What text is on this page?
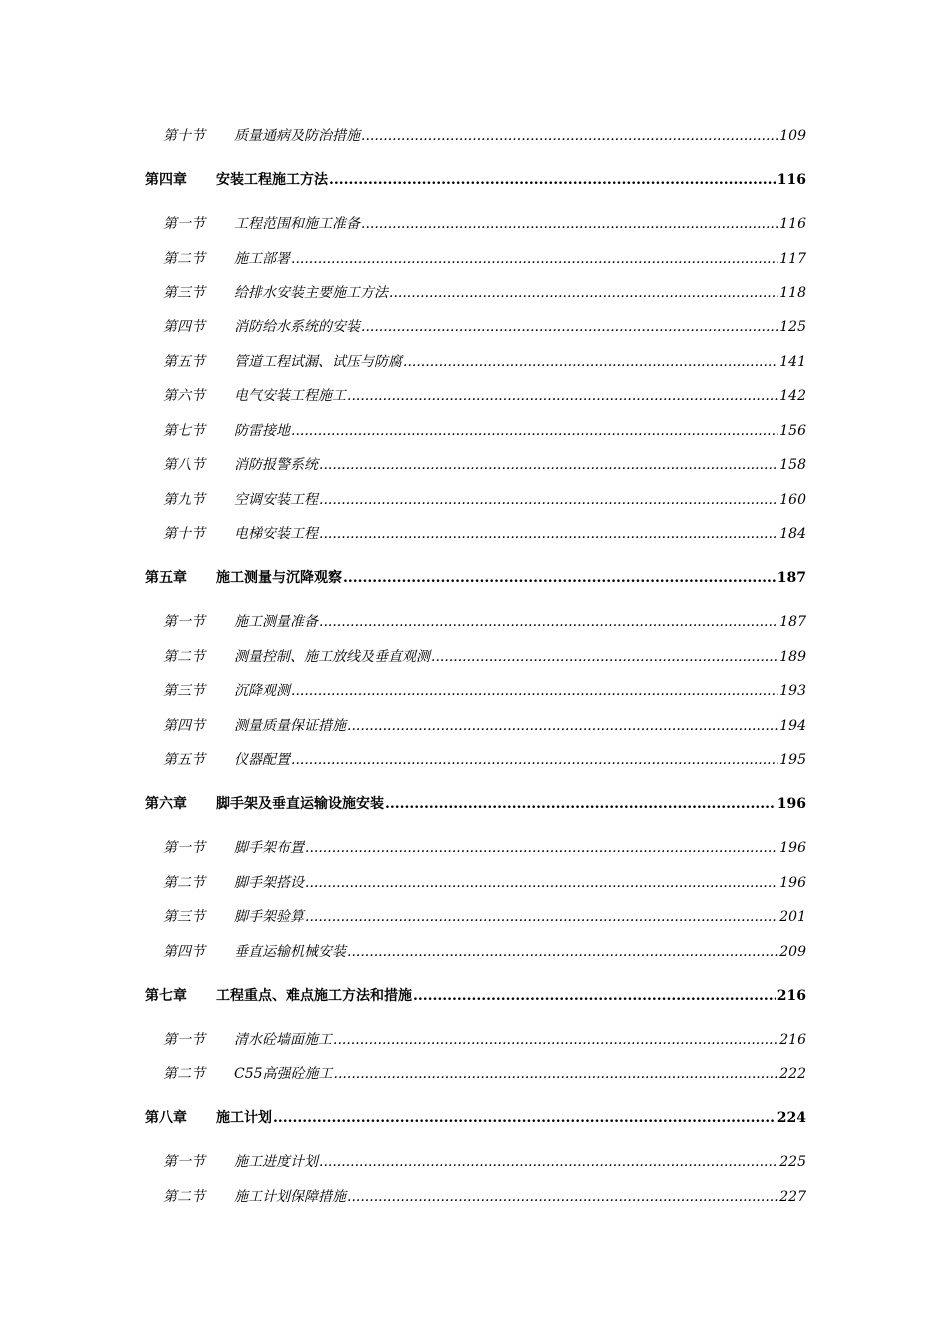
第十节	质量通病及防治措施 .....	109
第四章	安装工程施工方法 .....	116
第一节	工程范围和施工准备 .....	116
第二节	施工部署 .....	117
第三节	给排水安装主要施工方法 .....	118
第四节	消防给水系统的安装 .....	125
第五节	管道工程试漏、试压与防腐 .....	141
第六节	电气安装工程施工 .....	142
第七节	防雷接地 .....	156
第八节	消防报警系统 .....	158
第九节	空调安装工程 .....	160
第十节	电梯安装工程 .....	184
第五章	施工测量与沉降观察 .....	187
第一节	施工测量准备 .....	187
第二节	测量控制、施工放线及垂直观测 .....	189
第三节	沉降观测 .....	193
第四节	测量质量保证措施 .....	194
第五节	仪器配置 .....	195
第六章	脚手架及垂直运输设施安装 .....	196
第一节	脚手架布置 .....	196
第二节	脚手架搭设 .....	196
第三节	脚手架验算 .....	201
第四节	垂直运输机械安装 .....	209
第七章	工程重点、难点施工方法和措施 .....	216
第一节	清水砼墙面施工 .....	216
第二节	C55高强砼施工 .....	222
第八章	施工计划 .....	224
第一节	施工进度计划 .....	225
第二节	施工计划保障措施 .....	227
